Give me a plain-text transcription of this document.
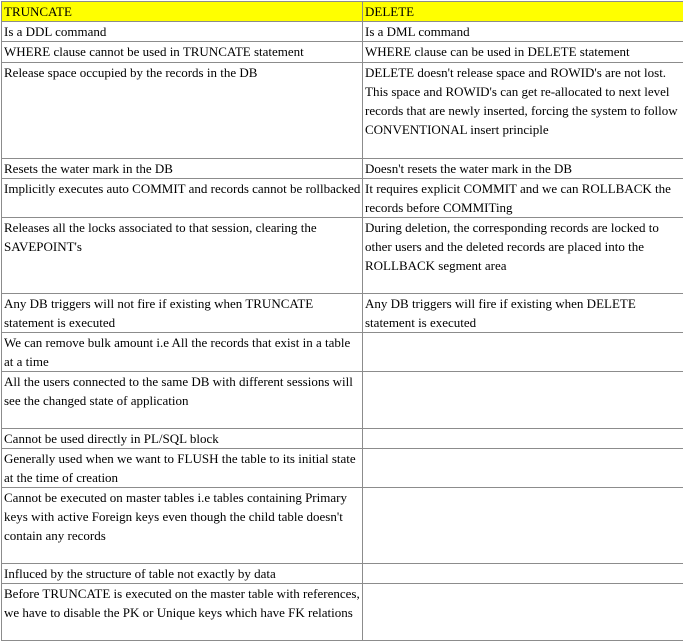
TRUNCATE	DELETE
Is a DDL command	Is a DML command
WHERE clause cannot be used in TRUNCATE statement	WHERE clause can be used in DELETE statement
Release space occupied by the records in the DB	DELETE doesn't release space and ROWID's are not lost. This space and ROWID's can get re-allocated to next level records that are newly inserted, forcing the system to follow CONVENTIONAL insert principle
Resets the water mark in the DB	Doesn't resets the water mark in the DB
Implicitly executes auto COMMIT and records cannot be rollbacked	It requires explicit COMMIT and we can ROLLBACK the records before COMMITing
Releases all the locks associated to that session, clearing the SAVEPOINT's	During deletion, the corresponding records are locked to other users and the deleted records are placed into the ROLLBACK segment area
Any DB triggers will not fire if existing when TRUNCATE statement is executed	Any DB triggers will fire if existing when DELETE statement is executed
We can remove bulk amount i.e All the records that exist in a table at a time	
All the users connected to the same DB with different sessions will see the changed state of application	
Cannot be used directly in PL/SQL block	
Generally used when we want to FLUSH the table to its initial state at the time of creation	
Cannot be executed on master tables i.e tables containing Primary keys with active Foreign keys even though the child table doesn't contain any records	
Influced by the structure of table not exactly by data	
Before TRUNCATE is executed on the master table with references, we have to disable the PK or Unique keys which have FK relations	
